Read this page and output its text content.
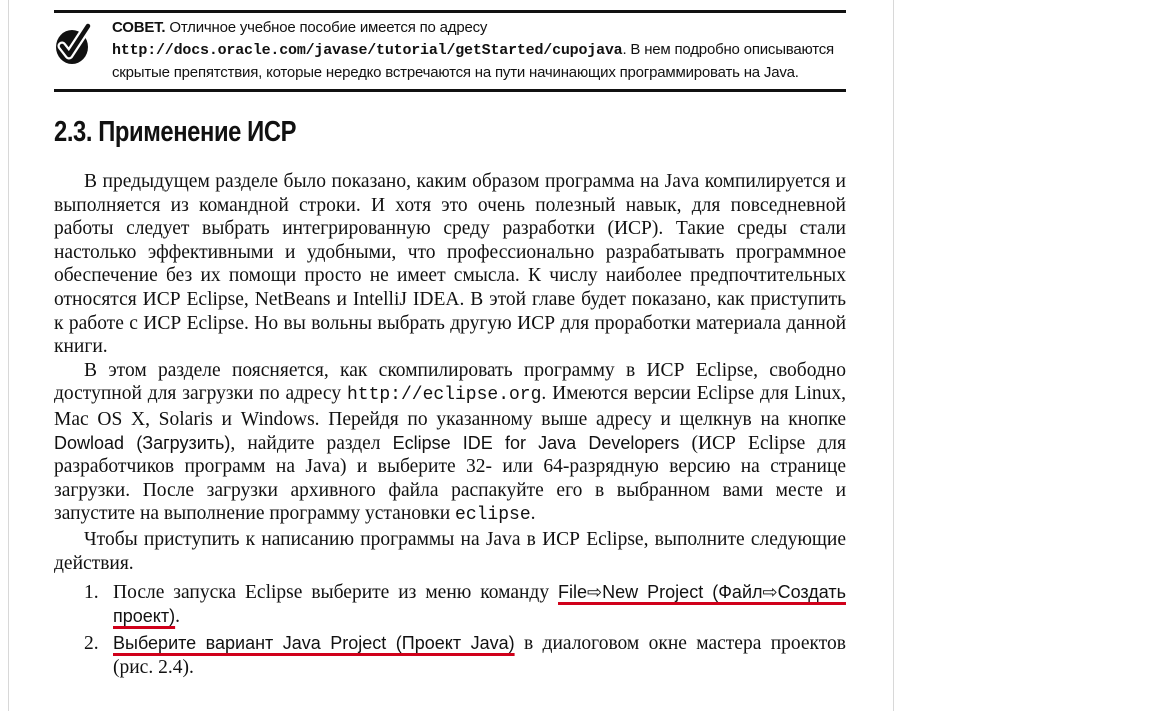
СОВЕТ. Отличное учебное пособие имеется по адресу http://docs.oracle.com/javase/tutorial/getStarted/cupojava. В нем подробно описываются скрытые препятствия, которые нередко встречаются на пути начинающих программировать на Java.
2.3. Применение ИСР

В предыдущем разделе было показано, каким образом программа на Java компилируется и выполняется из командной строки. И хотя это очень полезный навык, для повседневной работы следует выбрать интегрированную среду разработки (ИСР). Такие среды стали настолько эффективными и удобными, что профессионально разрабатывать программное обеспечение без их помощи просто не имеет смысла. К числу наиболее предпочтительных относятся ИСР Eclipse, NetBeans и IntelliJ IDEA. В этой главе будет показано, как приступить к работе с ИСР Eclipse. Но вы вольны выбрать другую ИСР для проработки материала данной книги.

В этом разделе поясняется, как скомпилировать программу в ИСР Eclipse, свободно доступной для загрузки по адресу http://eclipse.org. Имеются версии Eclipse для Linux, Mac OS X, Solaris и Windows. Перейдя по указанному выше адресу и щелкнув на кнопке Dowload (Загрузить), найдите раздел Eclipse IDE for Java Developers (ИСР Eclipse для разработчиков программ на Java) и выберите 32- или 64-разрядную версию на странице загрузки. После загрузки архивного файла распакуйте его в выбранном вами месте и запустите на выполнение программу установки eclipse.

Чтобы приступить к написанию программы на Java в ИСР Eclipse, выполните следующие действия.

1. После запуска Eclipse выберите из меню команду File⇨New Project (Файл⇨Создать проект).
2. Выберите вариант Java Project (Проект Java) в диалоговом окне мастера проектов (рис. 2.4).
